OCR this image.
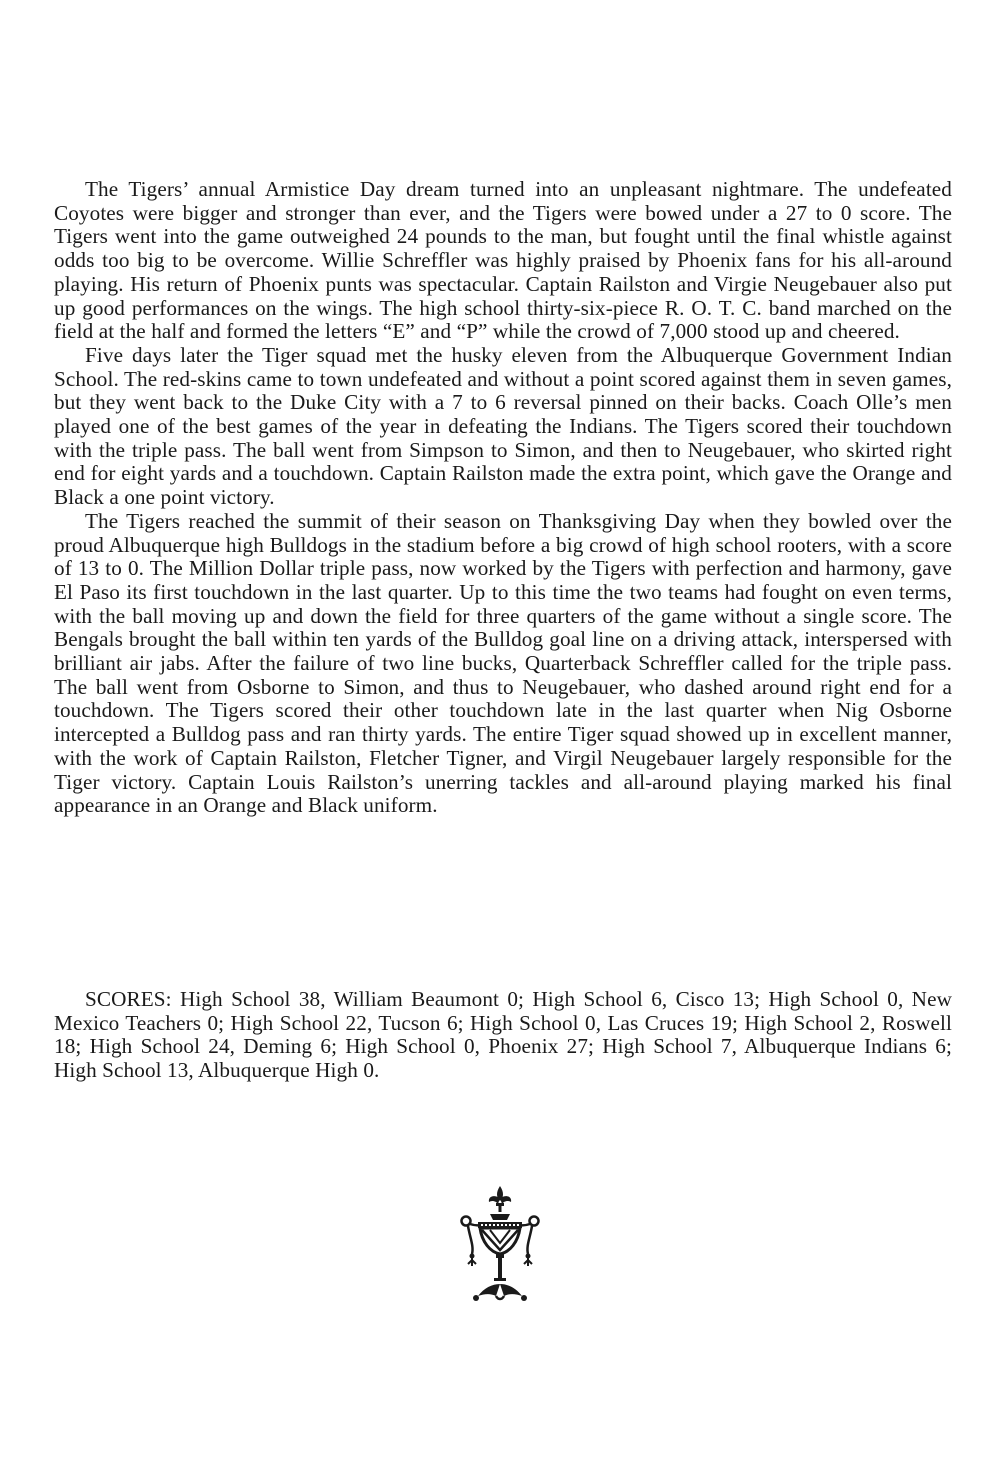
The Tigers’ annual Armistice Day dream turned into an unpleasant nightmare. The undefeated Coyotes were bigger and stronger than ever, and the Tigers were bowed under a 27 to 0 score. The Tigers went into the game outweighed 24 pounds to the man, but fought until the final whistle against odds too big to be overcome. Willie Schreffler was highly praised by Phoenix fans for his all-around playing. His return of Phoenix punts was spectacular. Captain Railston and Virgie Neugebauer also put up good performances on the wings. The high school thirty-six-piece R. O. T. C. band marched on the field at the half and formed the letters “E” and “P” while the crowd of 7,000 stood up and cheered.

Five days later the Tiger squad met the husky eleven from the Albuquerque Government Indian School. The red-skins came to town undefeated and without a point scored against them in seven games, but they went back to the Duke City with a 7 to 6 reversal pinned on their backs. Coach Olle’s men played one of the best games of the year in defeating the Indians. The Tigers scored their touchdown with the triple pass. The ball went from Simpson to Simon, and then to Neugebauer, who skirted right end for eight yards and a touchdown. Captain Railston made the extra point, which gave the Orange and Black a one point victory.

The Tigers reached the summit of their season on Thanksgiving Day when they bowled over the proud Albuquerque high Bulldogs in the stadium before a big crowd of high school rooters, with a score of 13 to 0. The Million Dollar triple pass, now worked by the Tigers with perfection and harmony, gave El Paso its first touchdown in the last quarter. Up to this time the two teams had fought on even terms, with the ball moving up and down the field for three quarters of the game without a single score. The Bengals brought the ball within ten yards of the Bulldog goal line on a driving attack, interspersed with brilliant air jabs. After the failure of two line bucks, Quarterback Schreffler called for the triple pass. The ball went from Osborne to Simon, and thus to Neugebauer, who dashed around right end for a touchdown. The Tigers scored their other touchdown late in the last quarter when Nig Osborne intercepted a Bulldog pass and ran thirty yards. The entire Tiger squad showed up in excellent manner, with the work of Captain Railston, Fletcher Tigner, and Virgil Neugebauer largely responsible for the Tiger victory. Captain Louis Railston’s unerring tackles and all-around playing marked his final appearance in an Orange and Black uniform.

SCORES: High School 38, William Beaumont 0; High School 6, Cisco 13; High School 0, New Mexico Teachers 0; High School 22, Tucson 6; High School 0, Las Cruces 19; High School 2, Roswell 18; High School 24, Deming 6; High School 0, Phoenix 27; High School 7, Albuquerque Indians 6; High School 13, Albuquerque High 0.
